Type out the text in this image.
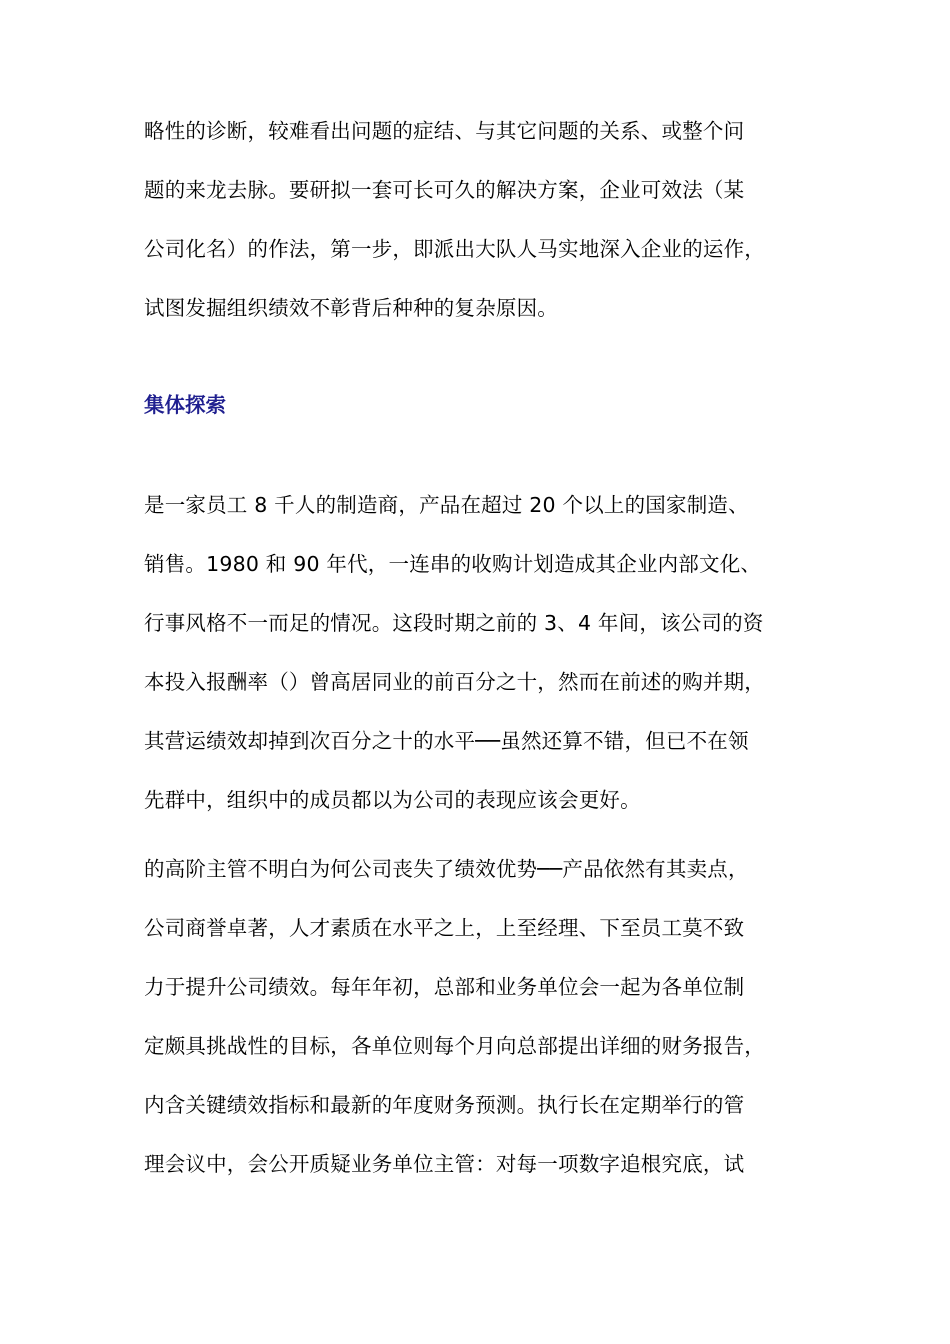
略性的诊断，较难看出问题的症结、与其它问题的关系、或整个问
题的来龙去脉。要研拟一套可长可久的解决方案，企业可效法（某
公司化名）的作法，第一步，即派出大队人马实地深入企业的运作，
试图发掘组织绩效不彰背后种种的复杂原因。
集体探索
是一家员工 8 千人的制造商，产品在超过 20 个以上的国家制造、
销售。1980 和 90 年代，一连串的收购计划造成其企业内部文化、
行事风格不一而足的情况。这段时期之前的 3、4 年间，该公司的资
本投入报酬率（）曾高居同业的前百分之十，然而在前述的购并期，
其营运绩效却掉到次百分之十的水平──虽然还算不错，但已不在领
先群中，组织中的成员都以为公司的表现应该会更好。
的高阶主管不明白为何公司丧失了绩效优势──产品依然有其卖点，
公司商誉卓著，人才素质在水平之上，上至经理、下至员工莫不致
力于提升公司绩效。每年年初，总部和业务单位会一起为各单位制
定颇具挑战性的目标，各单位则每个月向总部提出详细的财务报告，
内含关键绩效指标和最新的年度财务预测。执行长在定期举行的管
理会议中，会公开质疑业务单位主管：对每一项数字追根究底，试
